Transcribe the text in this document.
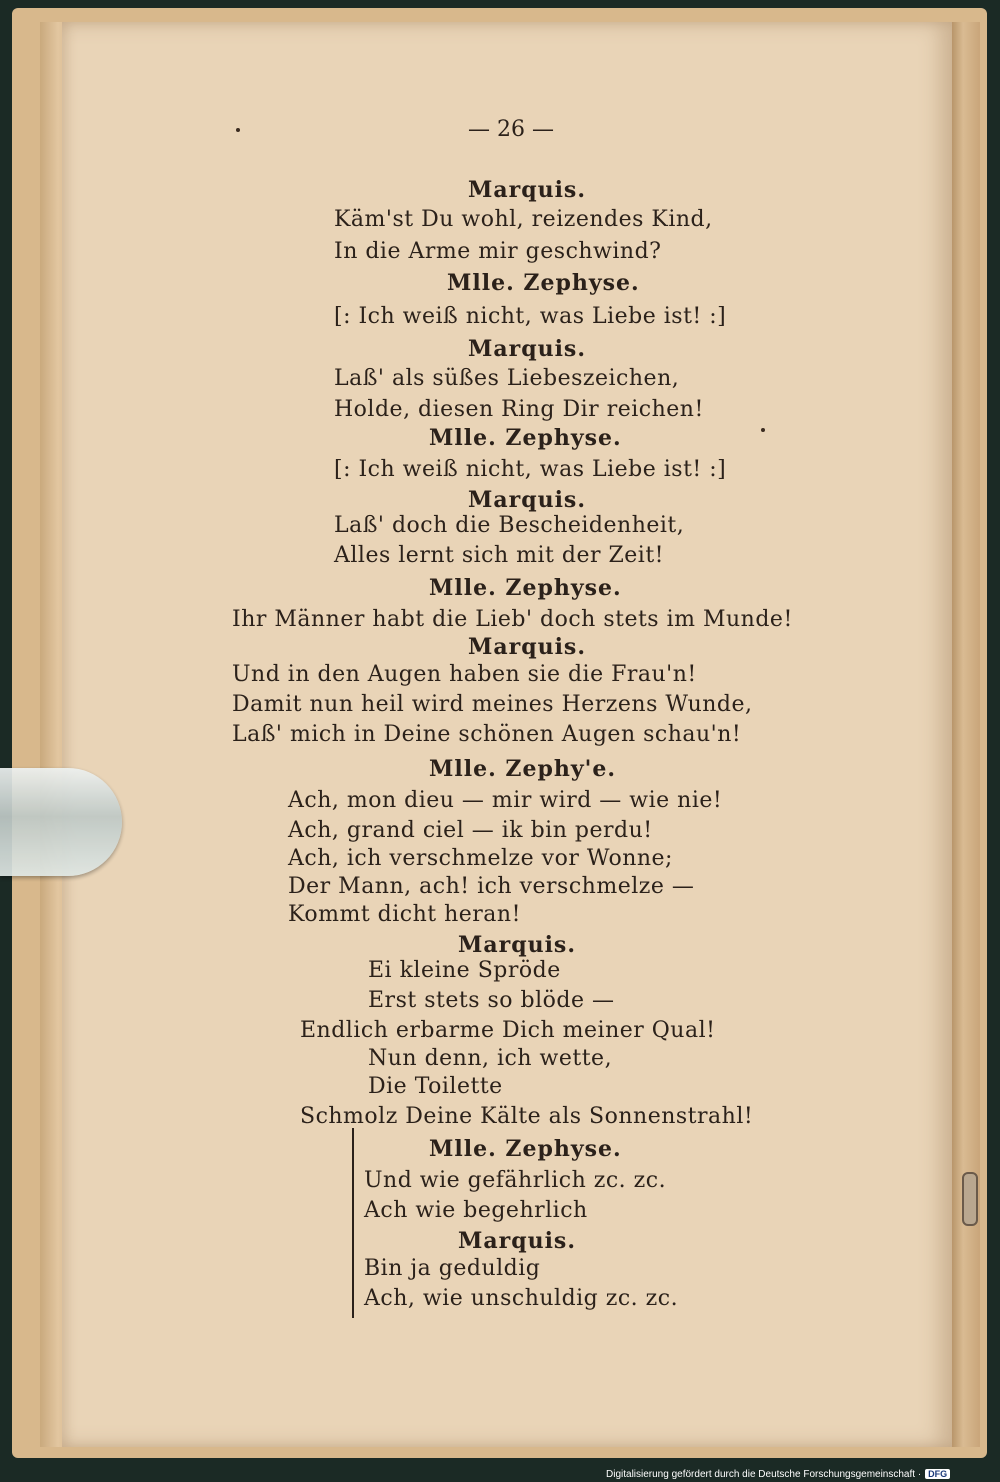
— 26 —
Marquis.
Käm'st Du wohl, reizendes Kind,
In die Arme mir geschwind?
Mlle. Zephyse.
[: Ich weiß nicht, was Liebe ist! :]
Marquis.
Laß' als süßes Liebeszeichen,
Holde, diesen Ring Dir reichen!
Mlle. Zephyse.
[: Ich weiß nicht, was Liebe ist! :]
Marquis.
Laß' doch die Bescheidenheit,
Alles lernt sich mit der Zeit!
Mlle. Zephyse.
Ihr Männer habt die Lieb' doch stets im Munde!
Marquis.
Und in den Augen haben sie die Frau'n!
Damit nun heil wird meines Herzens Wunde,
Laß' mich in Deine schönen Augen schau'n!
Mlle. Zephy'e.
Ach, mon dieu — mir wird — wie nie!
Ach, grand ciel — ik bin perdu!
Ach, ich verschmelze vor Wonne;
Der Mann, ach! ich verschmelze —
Kommt dicht heran!
Marquis.
Ei kleine Spröde
Erst stets so blöde —
Endlich erbarme Dich meiner Qual!
Nun denn, ich wette,
Die Toilette
Schmolz Deine Kälte als Sonnenstrahl!
Mlle. Zephyse.
Und wie gefährlich zc. zc.
Ach wie begehrlich
Marquis.
Bin ja geduldig
Ach, wie unschuldig zc. zc.
Digitalisierung gefördert durch die Deutsche Forschungsgemeinschaft · DFG
